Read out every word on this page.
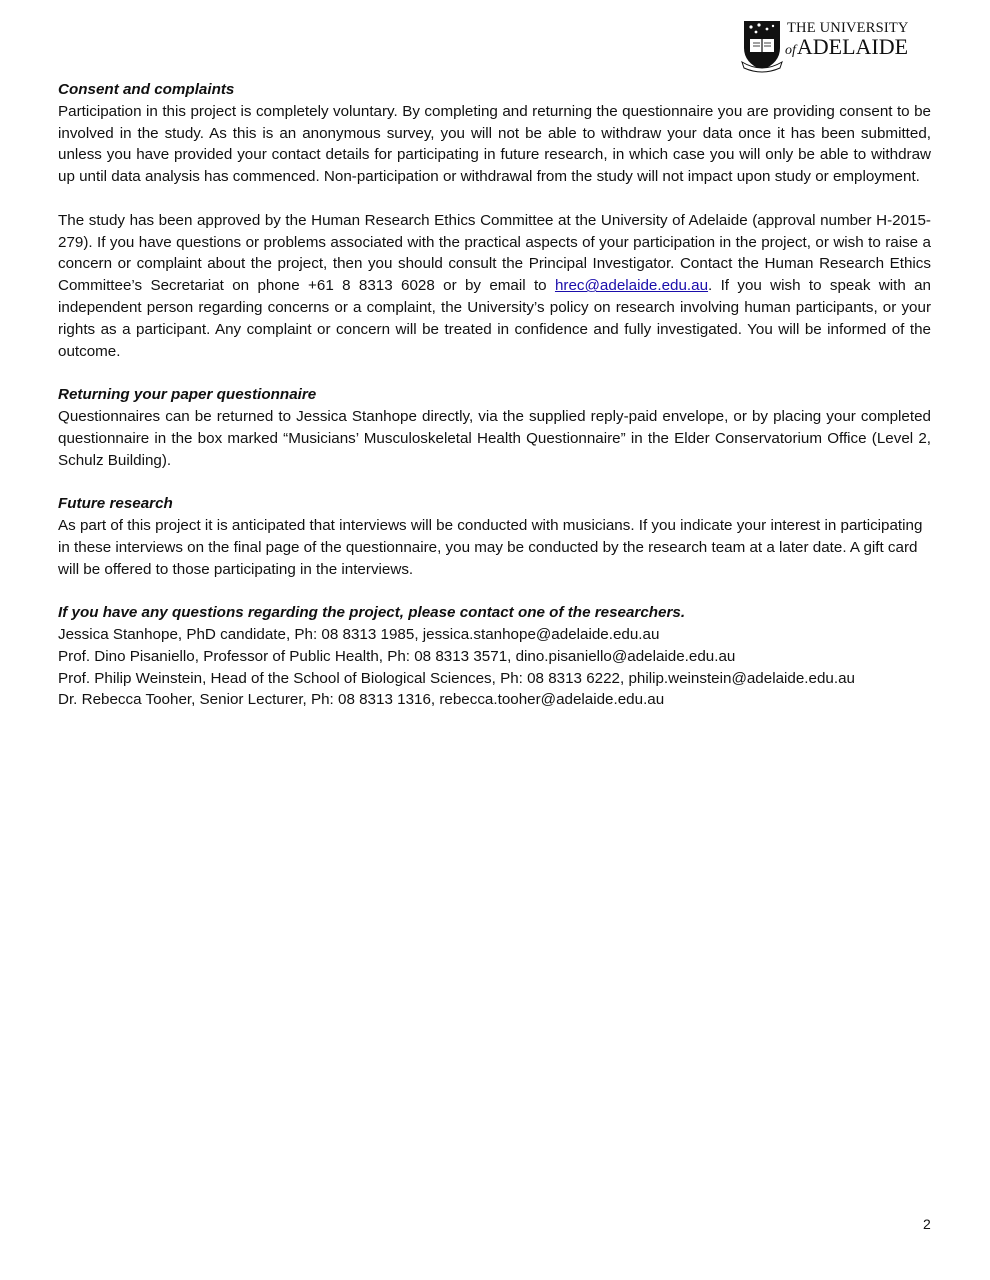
THE UNIVERSITY
ofADELAIDE

Consent and complaints

Participation in this project is completely voluntary. By completing and returning the questionnaire you are providing consent to be involved in the study. As this is an anonymous survey, you will not be able to withdraw your data once it has been submitted, unless you have provided your contact details for participating in future research, in which case you will only be able to withdraw up until data analysis has commenced. Non-participation or withdrawal from the study will not impact upon study or employment.

The study has been approved by the Human Research Ethics Committee at the University of Adelaide (approval number H-2015-279). If you have questions or problems associated with the practical aspects of your participation in the project, or wish to raise a concern or complaint about the project, then you should consult the Principal Investigator. Contact the Human Research Ethics Committee’s Secretariat on phone +61 8 8313 6028 or by email to hrec@adelaide.edu.au. If you wish to speak with an independent person regarding concerns or a complaint, the University’s policy on research involving human participants, or your rights as a participant. Any complaint or concern will be treated in confidence and fully investigated. You will be informed of the outcome.

Returning your paper questionnaire

Questionnaires can be returned to Jessica Stanhope directly, via the supplied reply-paid envelope, or by placing your completed questionnaire in the box marked “Musicians’ Musculoskeletal Health Questionnaire” in the Elder Conservatorium Office (Level 2, Schulz Building).

Future research

As part of this project it is anticipated that interviews will be conducted with musicians. If you indicate your interest in participating in these interviews on the final page of the questionnaire, you may be conducted by the research team at a later date. A gift card will be offered to those participating in the interviews.

If you have any questions regarding the project, please contact one of the researchers.

Jessica Stanhope, PhD candidate, Ph: 08 8313 1985, jessica.stanhope@adelaide.edu.au

Prof. Dino Pisaniello, Professor of Public Health, Ph: 08 8313 3571, dino.pisaniello@adelaide.edu.au

Prof. Philip Weinstein, Head of the School of Biological Sciences, Ph: 08 8313 6222, philip.weinstein@adelaide.edu.au

Dr. Rebecca Tooher, Senior Lecturer, Ph: 08 8313 1316, rebecca.tooher@adelaide.edu.au

2
